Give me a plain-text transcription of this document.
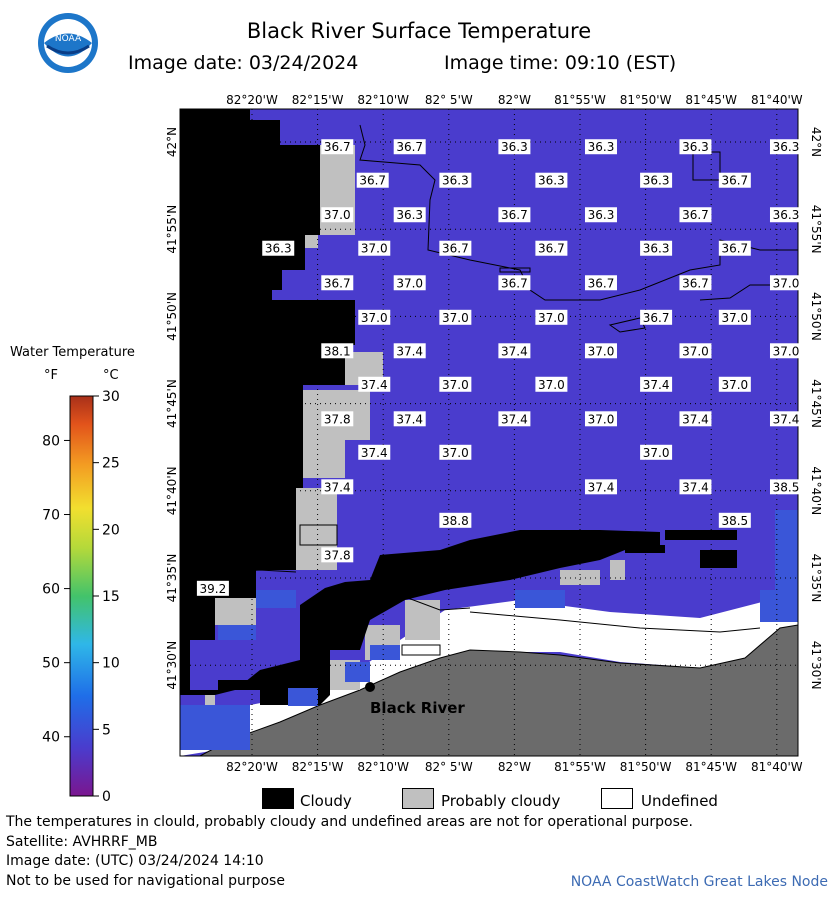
NOAA	Black River Surface Temperature
Image date: 03/24/2024	Image time: 09:10 (EST)
36.7	36.7	36.3	36.3	36.3	36.3
36.7	36.3	36.3	36.3	36.7
37.0	36.3	36.7	36.3	36.7	36.3
36.3	37.0	36.7	36.7	36.3	36.7
36.7	37.0	36.7	36.7	36.7	37.0
37.0	37.0	37.0	36.7	37.0
38.1	37.4	37.4	37.0	37.0	37.0
37.4	37.0	37.0	37.4	37.0
37.8	37.4	37.4	37.0	37.4	37.4
37.4	37.0	37.0
37.4	37.4	37.4	38.5
38.8	38.5
37.8
39.2
82°20'W 82°15'W 82°10'W 82° 5'W 82°W 81°55'W 81°50'W 81°45'W 81°40'W
82°20'W 82°15'W 82°10'W 82° 5'W 82°W 81°55'W 81°50'W 81°45'W 81°40'W
42°N
41°55'N
41°50'N
41°45'N
41°40'N
41°35'N
41°30'N
42°N
41°55'N
41°50'N
41°45'N
41°40'N
41°35'N
41°30'N
Black River
30
25
20
15
10
5
0
80
70
60
50
40
Water Temperature
°F	°C
Cloudy	Probably cloudy	Undefined
The temperatures in clould, probably cloudy and undefined areas are not for operational purpose.
Satellite: AVHRRF_MB
Image date: (UTC) 03/24/2024 14:10
Not to be used for navigational purpose	NOAA CoastWatch Great Lakes Node
